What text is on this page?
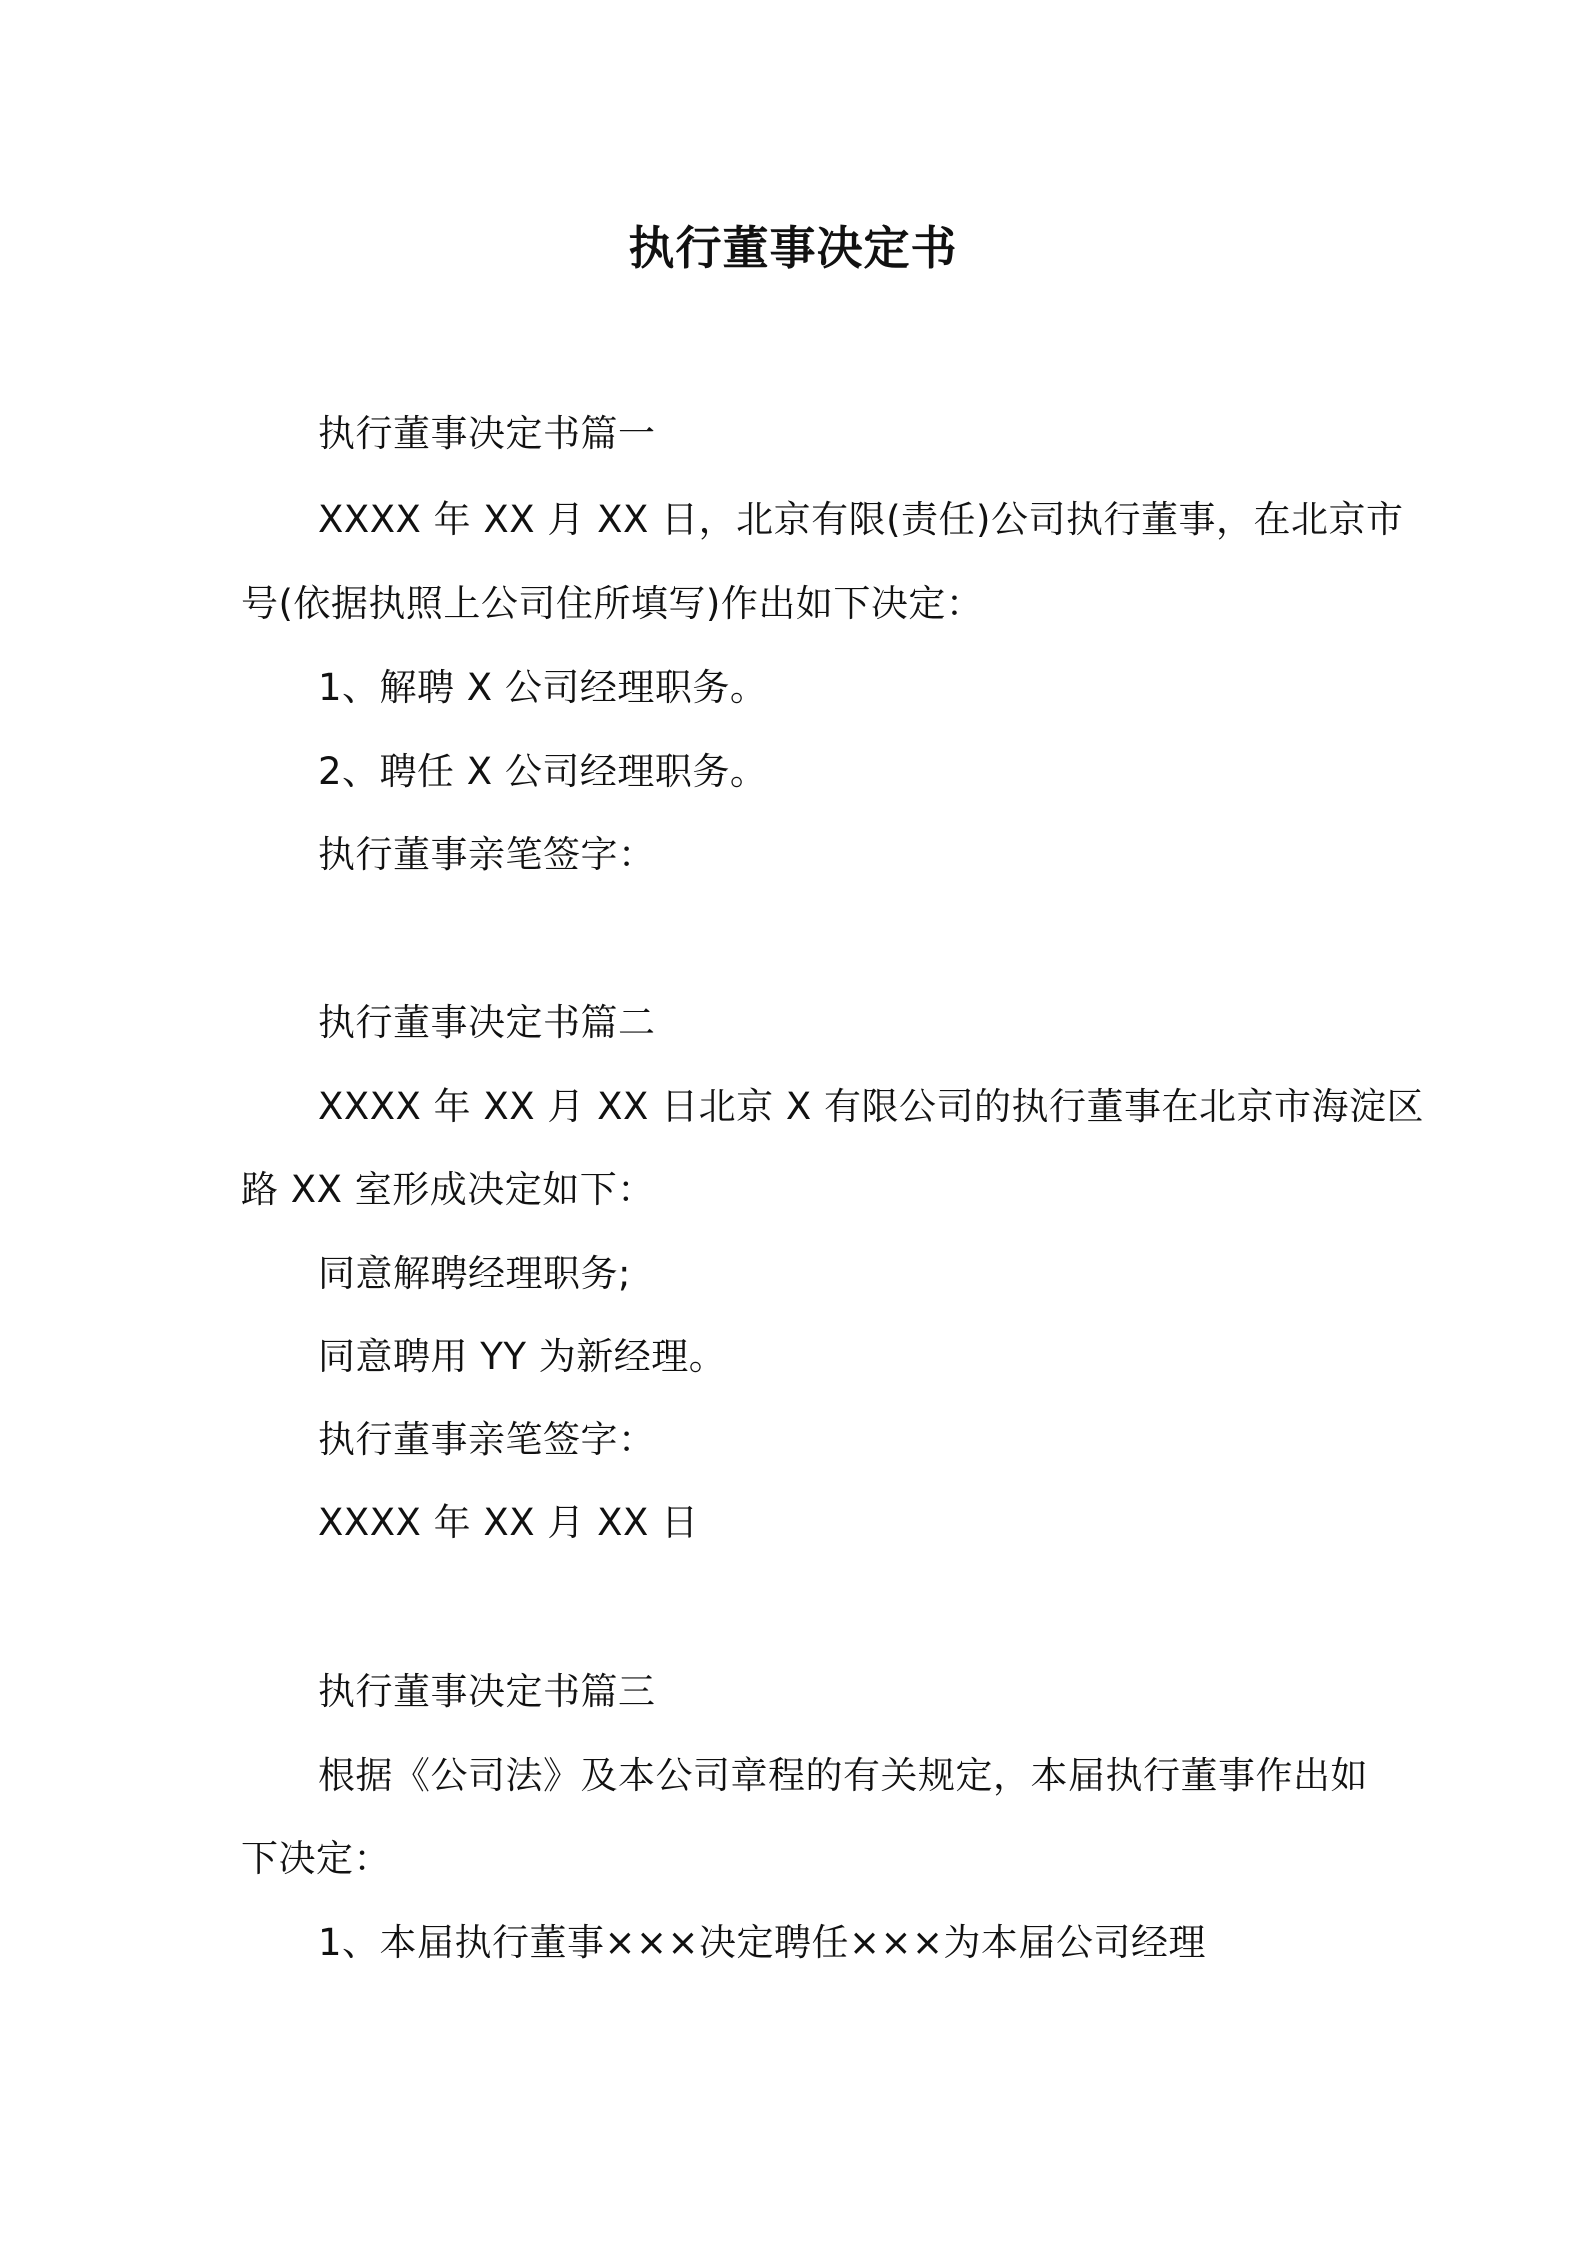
执行董事决定书
执行董事决定书篇一
XXXX 年 XX 月 XX 日，北京有限(责任)公司执行董事，在北京市
号(依据执照上公司住所填写)作出如下决定：
1、解聘 X 公司经理职务。
2、聘任 X 公司经理职务。
执行董事亲笔签字：
执行董事决定书篇二
XXXX 年 XX 月 XX 日北京 X 有限公司的执行董事在北京市海淀区
路 XX 室形成决定如下：
同意解聘经理职务;
同意聘用 YY 为新经理。
执行董事亲笔签字：
XXXX 年 XX 月 XX 日
执行董事决定书篇三
根据《公司法》及本公司章程的有关规定，本届执行董事作出如
下决定：
1、本届执行董事×××决定聘任×××为本届公司经理
